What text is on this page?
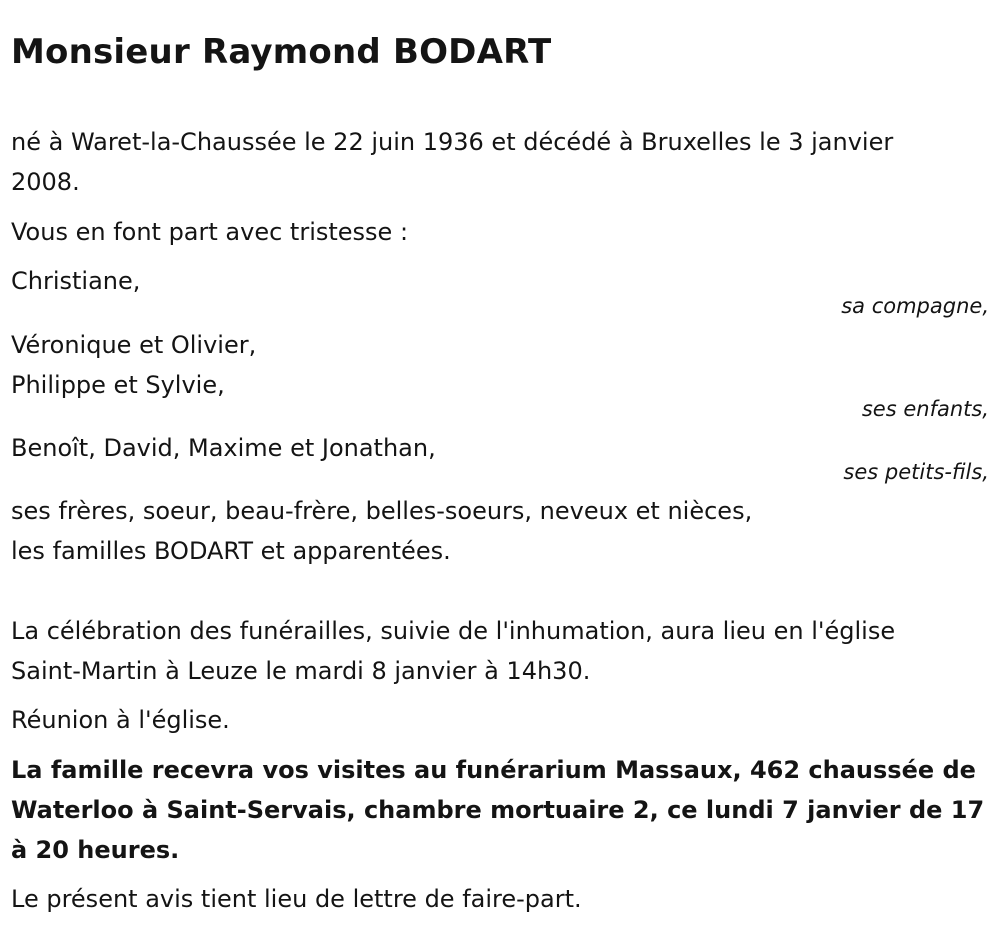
Monsieur Raymond BODART
né à Waret-la-Chaussée le 22 juin 1936 et décédé à Bruxelles le 3 janvier
2008.
Vous en font part avec tristesse :
Christiane,
sa compagne,
Véronique et Olivier,
Philippe et Sylvie,
ses enfants,
Benoît, David, Maxime et Jonathan,
ses petits-fils,
ses frères, soeur, beau-frère, belles-soeurs, neveux et nièces,
les familles BODART et apparentées.
La célébration des funérailles, suivie de l'inhumation, aura lieu en l'église
Saint-Martin à Leuze le mardi 8 janvier à 14h30.
Réunion à l'église.
La famille recevra vos visites au funérarium Massaux, 462 chaussée de
Waterloo à Saint-Servais, chambre mortuaire 2, ce lundi 7 janvier de 17
à 20 heures.
Le présent avis tient lieu de lettre de faire-part.
